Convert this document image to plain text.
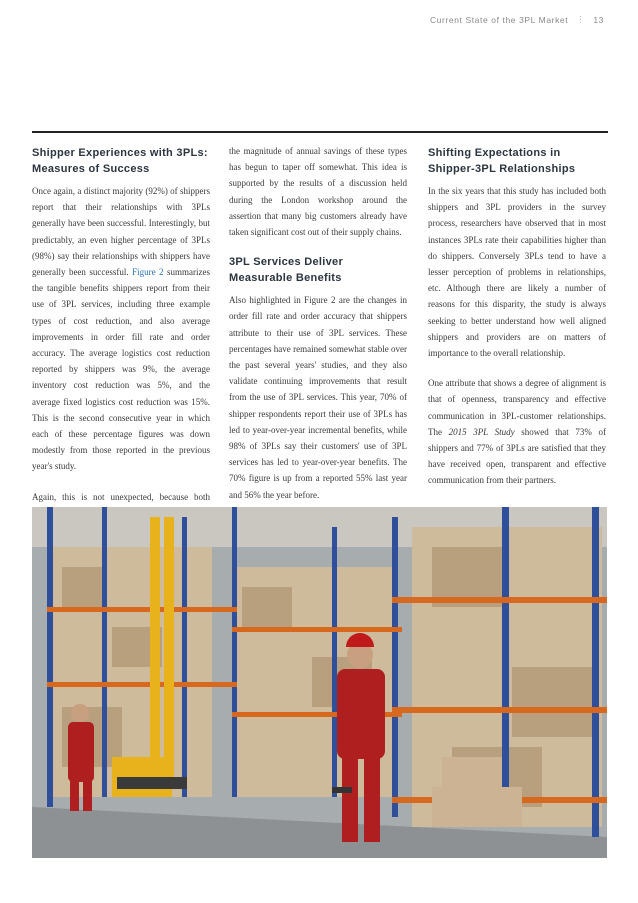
Current State of the 3PL Market ⋮ 13
Shipper Experiences with 3PLs: Measures of Success

Once again, a distinct majority (92%) of shippers report that their relationships with 3PLs generally have been successful. Interestingly, but predictably, an even higher percentage of 3PLs (98%) say their relationships with shippers have generally been successful. Figure 2 summarizes the tangible benefits shippers report from their use of 3PL services, including three example types of cost reduction, and also average improvements in order fill rate and order accuracy. The average logistics cost reduction reported by shippers was 9%, the average inventory cost reduction was 5%, and the average fixed logistics cost reduction was 15%. This is the second consecutive year in which each of these percentage figures was down modestly from those reported in the previous year's study.

Again, this is not unexpected, because both

the magnitude of annual savings of these types has begun to taper off somewhat. This idea is supported by the results of a discussion held during the London workshop around the assertion that many big customers already have taken significant cost out of their supply chains.

3PL Services Deliver Measurable Benefits

Also highlighted in Figure 2 are the changes in order fill rate and order accuracy that shippers attribute to their use of 3PL services. These percentages have remained somewhat stable over the past several years' studies, and they also validate continuing improvements that result from the use of 3PL services. This year, 70% of shipper respondents report their use of 3PLs has led to year-over-year incremental benefits, while 98% of 3PLs say their customers' use of 3PL services has led to year-over-year benefits. The 70% figure is up from a reported 55% last year and 56% the year before.

Shifting Expectations in Shipper-3PL Relationships

In the six years that this study has included both shippers and 3PL providers in the survey process, researchers have observed that in most instances 3PLs rate their capabilities higher than do shippers. Conversely 3PLs tend to have a lesser perception of problems in relationships, etc. Although there are likely a number of reasons for this disparity, the study is always seeking to better understand how well aligned shippers and providers are on matters of importance to the overall relationship.

One attribute that shows a degree of alignment is that of openness, transparency and effective communication in 3PL-customer relationships. The 2015 3PL Study showed that 73% of shippers and 77% of 3PLs are satisfied that they have received open, transparent and effective communication from their partners.
